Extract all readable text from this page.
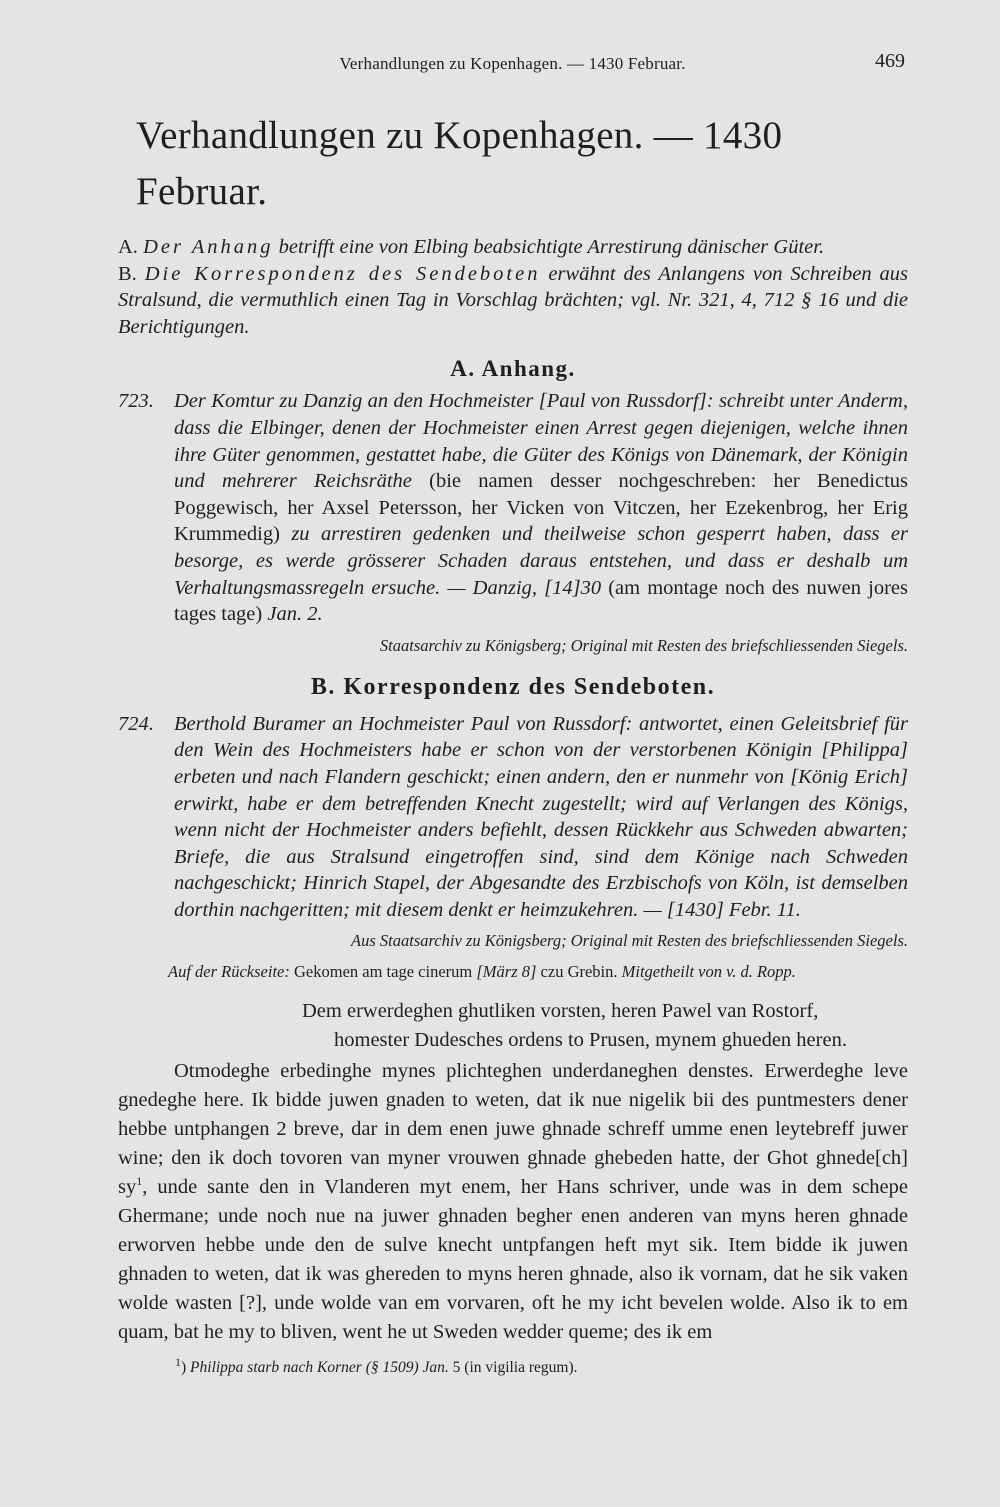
Verhandlungen zu Kopenhagen. — 1430 Februar.	469
Verhandlungen zu Kopenhagen. — 1430 Februar.

A. Der Anhang betrifft eine von Elbing beabsichtigte Arrestirung dänischer Güter.

B. Die Korrespondenz des Sendeboten erwähnt des Anlangens von Schreiben aus Stralsund, die vermuthlich einen Tag in Vorschlag brächten; vgl. Nr. 321, 4, 712 § 16 und die Berichtigungen.

A. Anhang.
723. Der Komtur zu Danzig an den Hochmeister [Paul von Russdorf]: schreibt unter Anderm, dass die Elbinger, denen der Hochmeister einen Arrest gegen diejenigen, welche ihnen ihre Güter genommen, gestattet habe, die Güter des Königs von Dänemark, der Königin und mehrerer Reichsräthe (bie namen desser nochgeschreben: her Benedictus Poggewisch, her Axsel Petersson, her Vicken von Vitczen, her Ezekenbrog, her Erig Krummedig) zu arrestiren gedenken und theilweise schon gesperrt haben, dass er besorge, es werde grösserer Schaden daraus entstehen, und dass er deshalb um Verhaltungsmassregeln ersuche. — Danzig, [14]30 (am montage noch des nuwen jores tages tage) Jan. 2.

Staatsarchiv zu Königsberg; Original mit Resten des briefschliessenden Siegels.

B. Korrespondenz des Sendeboten.
724. Berthold Buramer an Hochmeister Paul von Russdorf: antwortet, einen Geleitsbrief für den Wein des Hochmeisters habe er schon von der verstorbenen Königin [Philippa] erbeten und nach Flandern geschickt; einen andern, den er nunmehr von [König Erich] erwirkt, habe er dem betreffenden Knecht zugestellt; wird auf Verlangen des Königs, wenn nicht der Hochmeister anders befiehlt, dessen Rückkehr aus Schweden abwarten; Briefe, die aus Stralsund eingetroffen sind, sind dem Könige nach Schweden nachgeschickt; Hinrich Stapel, der Abgesandte des Erzbischofs von Köln, ist demselben dorthin nachgeritten; mit diesem denkt er heimzukehren. — [1430] Febr. 11.

Aus Staatsarchiv zu Königsberg; Original mit Resten des briefschliessenden Siegels.

Auf der Rückseite: Gekomen am tage cinerum [März 8] czu Grebin. Mitgetheilt von v. d. Ropp.

Dem erwerdeghen ghutliken vorsten, heren Pawel van Rostorf,

homester Dudesches ordens to Prusen, mynem ghueden heren.

Otmodeghe erbedinghe mynes plichteghen underdaneghen denstes. Erwerdeghe leve gnedeghe here. Ik bidde juwen gnaden to weten, dat ik nue nigelik bii des puntmesters dener hebbe untphangen 2 breve, dar in dem enen juwe ghnade schreff umme enen leytebreff juwer wine; den ik doch tovoren van myner vrouwen ghnade ghebeden hatte, der Ghot ghnede[ch] $sy^1$, unde sante den in Vlanderen myt enem, her Hans schriver, unde was in dem schepe Ghermane; unde noch nue na juwer ghnaden begher enen anderen van myns heren ghnade erworven hebbe unde den de sulve knecht untpfangen heft myt sik. Item bidde ik juwen ghnaden to weten, dat ik was ghereden to myns heren ghnade, also ik vornam, dat he sik vaken wolde wasten [?], unde wolde van em vorvaren, oft he my icht bevelen wolde. Also ik to em quam, bat he my to bliven, went he ut Sweden wedder queme; des ik em

$^1$) Philippa starb nach Korner (§ 1509) Jan. 5 (in vigilia regum).
